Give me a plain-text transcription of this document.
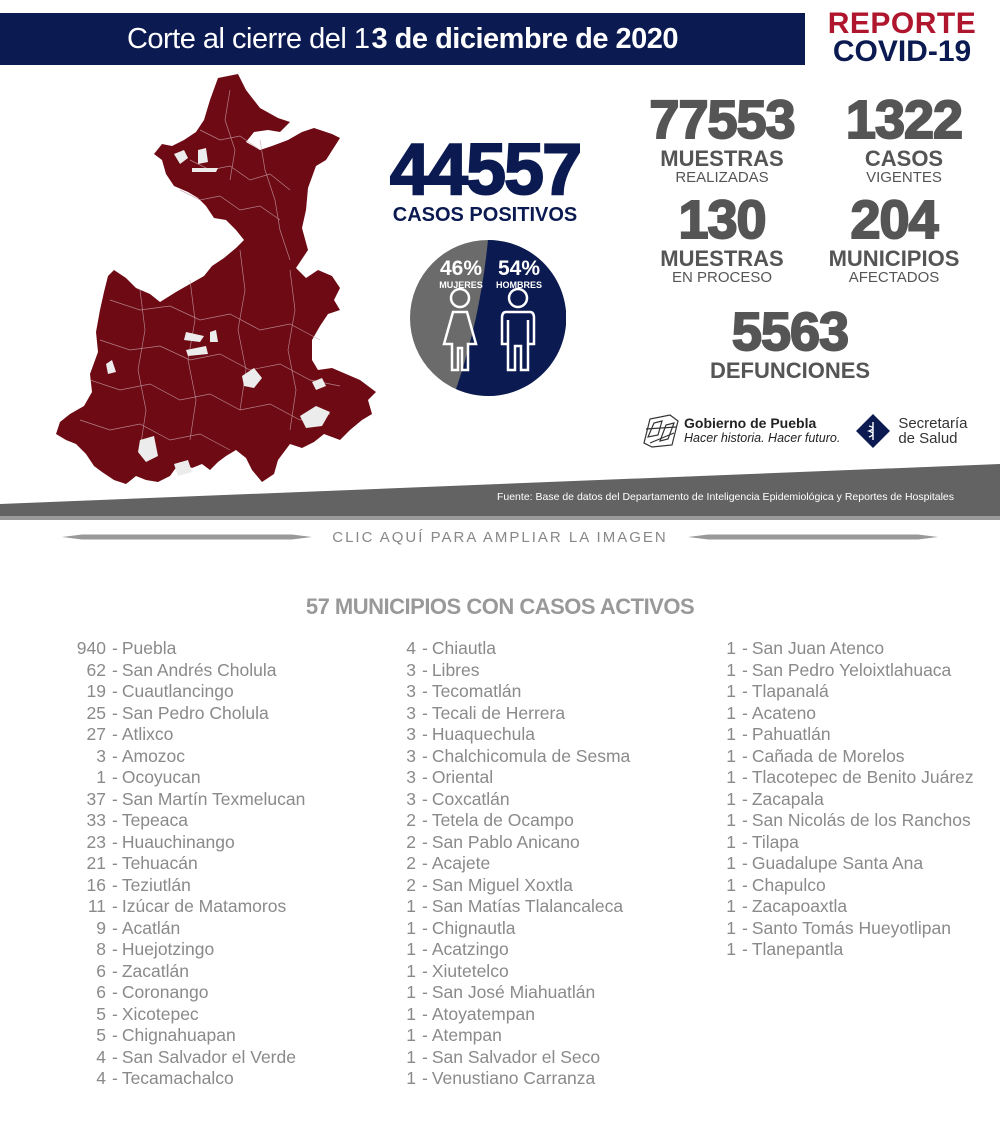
Corte al cierre del 1 3 de diciembre de 2020	REPORTE
COVID-19
44557
CASOS POSITIVOS
46%
MUJERES
54%
HOMBRES
77553
MUESTRAS
REALIZADAS
1322
CASOS
VIGENTES
130
MUESTRAS
EN PROCESO
204
MUNICIPIOS
AFECTADOS
5563
DEFUNCIONES
Gobierno de Puebla
Hacer historia. Hacer futuro.
Secretaría
de Salud
Fuente: Base de datos del Departamento de Inteligencia Epidemiológica y Reportes de Hospitales
CLIC AQUÍ PARA AMPLIAR LA IMAGEN
57 MUNICIPIOS CON CASOS ACTIVOS
940 - Puebla
62 - San Andrés Cholula
19 - Cuautlancingo
25 - San Pedro Cholula
27 - Atlixco
3 - Amozoc
1 - Ocoyucan
37 - San Martín Texmelucan
33 - Tepeaca
23 - Huauchinango
21 - Tehuacán
16 - Teziutlán
11 - Izúcar de Matamoros
9 - Acatlán
8 - Huejotzingo
6 - Zacatlán
6 - Coronango
5 - Xicotepec
5 - Chignahuapan
4 - San Salvador el Verde
4 - Tecamachalco
4 - Chiautla
3 - Libres
3 - Tecomatlán
3 - Tecali de Herrera
3 - Huaquechula
3 - Chalchicomula de Sesma
3 - Oriental
3 - Coxcatlán
2 - Tetela de Ocampo
2 - San Pablo Anicano
2 - Acajete
2 - San Miguel Xoxtla
1 - San Matías Tlalancaleca
1 - Chignautla
1 - Acatzingo
1 - Xiutetelco
1 - San José Miahuatlán
1 - Atoyatempan
1 - Atempan
1 - San Salvador el Seco
1 - Venustiano Carranza
1 - San Juan Atenco
1 - San Pedro Yeloixtlahuaca
1 - Tlapanalá
1 - Acateno
1 - Pahuatlán
1 - Cañada de Morelos
1 - Tlacotepec de Benito Juárez
1 - Zacapala
1 - San Nicolás de los Ranchos
1 - Tilapa
1 - Guadalupe Santa Ana
1 - Chapulco
1 - Zacapoaxtla
1 - Santo Tomás Hueyotlipan
1 - Tlanepantla
